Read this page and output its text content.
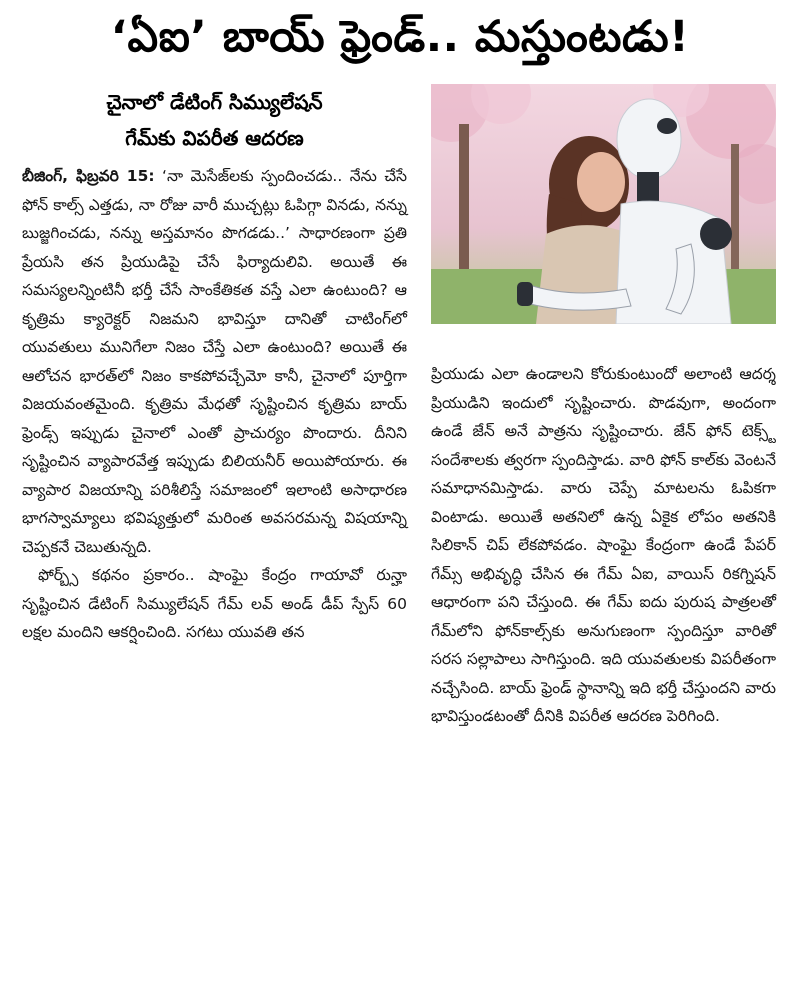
‘ఏఐ’ బాయ్ ఫ్రెండ్.. మస్తుంటడు!
చైనాలో డేటింగ్ సిమ్యులేషన్
గేమ్‌కు విపరీత ఆదరణ

బీజింగ్, ఫిబ్రవరి 15: ‘నా మెసేజ్‌లకు స్పందించడు.. నేను చేసే ఫోన్ కాల్స్ ఎత్తడు, నా రోజు వారీ ముచ్చట్లు ఓపిగ్గా వినడు, నన్ను బుజ్జగించడు, నన్ను అస్తమానం పొగడడు..’ సాధారణంగా ప్రతి ప్రేయసి తన ప్రియుడిపై చేసే ఫిర్యాదులివి. అయితే ఈ సమస్యలన్నింటినీ భర్తీ చేసే సాంకేతికత వస్తే ఎలా ఉంటుంది? ఆ కృత్రిమ క్యారెక్టర్ నిజమని భావిస్తూ దానితో చాటింగ్‌లో యువతులు మునిగేలా నిజం చేస్తే ఎలా ఉంటుంది? అయితే ఈ ఆలోచన భారత్‌లో నిజం కాకపోవచ్చేమో కానీ, చైనాలో పూర్తిగా విజయవంతమైంది. కృత్రిమ మేధతో సృష్టించిన కృత్రిమ బాయ్ ఫ్రెండ్స్ ఇప్పుడు చైనాలో ఎంతో ప్రాచుర్యం పొందారు. దీనిని సృష్టించిన వ్యాపారవేత్త ఇప్పుడు బిలియనీర్ అయిపోయారు. ఈ వ్యాపార విజయాన్ని పరిశీలిస్తే సమాజంలో ఇలాంటి అసాధారణ భాగస్వామ్యాలు భవిష్యత్తులో మరింత అవసరమన్న విషయాన్ని చెప్పకనే చెబుతున్నది.

ఫోర్బ్స్ కథనం ప్రకారం.. షాంఘై కేంద్రం గాయావో రున్హా సృష్టించిన డేటింగ్ సిమ్యులేషన్ గేమ్ లవ్ అండ్ డీప్ స్పేస్ 60 లక్షల మందిని ఆకర్షించింది. సగటు యువతి తన

ప్రియుడు ఎలా ఉండాలని కోరుకుంటుందో అలాంటి ఆదర్శ ప్రియుడిని ఇందులో సృష్టించారు. పొడవుగా, అందంగా ఉండే జేన్ అనే పాత్రను సృష్టించారు. జేన్ ఫోన్ టెక్స్ట్ సందేశాలకు త్వరగా స్పందిస్తాడు. వారి ఫోన్ కాల్‌కు వెంటనే సమాధానమిస్తాడు. వారు చెప్పే మాటలను ఓపికగా వింటాడు. అయితే అతనిలో ఉన్న ఏకైక లోపం అతనికి సిలికాన్ చిప్ లేకపోవడం. షాంఘై కేంద్రంగా ఉండే పేపర్ గేమ్స్ అభివృద్ధి చేసిన ఈ గేమ్ ఏఐ, వాయిస్ రికగ్నిషన్ ఆధారంగా పని చేస్తుంది. ఈ గేమ్ ఐదు పురుష పాత్రలతో గేమ్‌లోని ఫోన్‌కాల్స్‌కు అనుగుణంగా స్పందిస్తూ వారితో సరస సల్లాపాలు సాగిస్తుంది. ఇది యువతులకు విపరీతంగా నచ్చేసింది. బాయ్ ఫ్రెండ్ స్థానాన్ని ఇది భర్తీ చేస్తుందని వారు భావిస్తుండటంతో దీనికి విపరీత ఆదరణ పెరిగింది.
